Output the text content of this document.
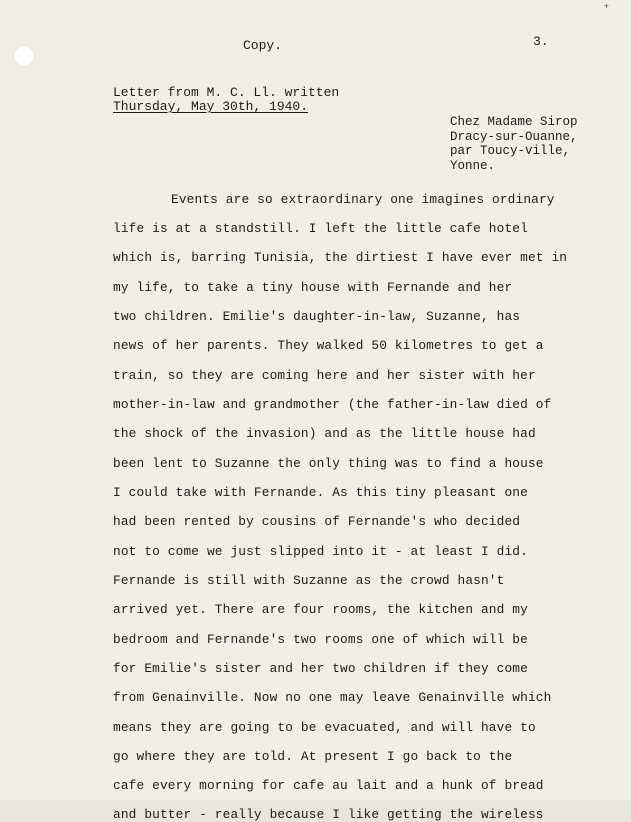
+
Copy.	3.
Letter from M. C. Ll. written
Thursday, May 30th, 1940.
Chez Madame Sirop
Dracy-sur-Ouanne,
par Toucy-ville,
Yonne.
Events are so extraordinary one imagines ordinary
life is at a standstill. I left the little cafe hotel
which is, barring Tunisia, the dirtiest I have ever met in
my life, to take a tiny house with Fernande and her
two children. Emilie's daughter-in-law, Suzanne, has
news of her parents. They walked 50 kilometres to get a
train, so they are coming here and her sister with her
mother-in-law and grandmother (the father-in-law died of
the shock of the invasion) and as the little house had
been lent to Suzanne the only thing was to find a house
I could take with Fernande. As this tiny pleasant one
had been rented by cousins of Fernande's who decided
not to come we just slipped into it - at least I did.
Fernande is still with Suzanne as the crowd hasn't
arrived yet. There are four rooms, the kitchen and my
bedroom and Fernande's two rooms one of which will be
for Emilie's sister and her two children if they come
from Genainville. Now no one may leave Genainville which
means they are going to be evacuated, and will have to
go where they are told. At present I go back to the
cafe every morning for cafe au lait and a hunk of bread
and butter - really because I like getting the wireless
